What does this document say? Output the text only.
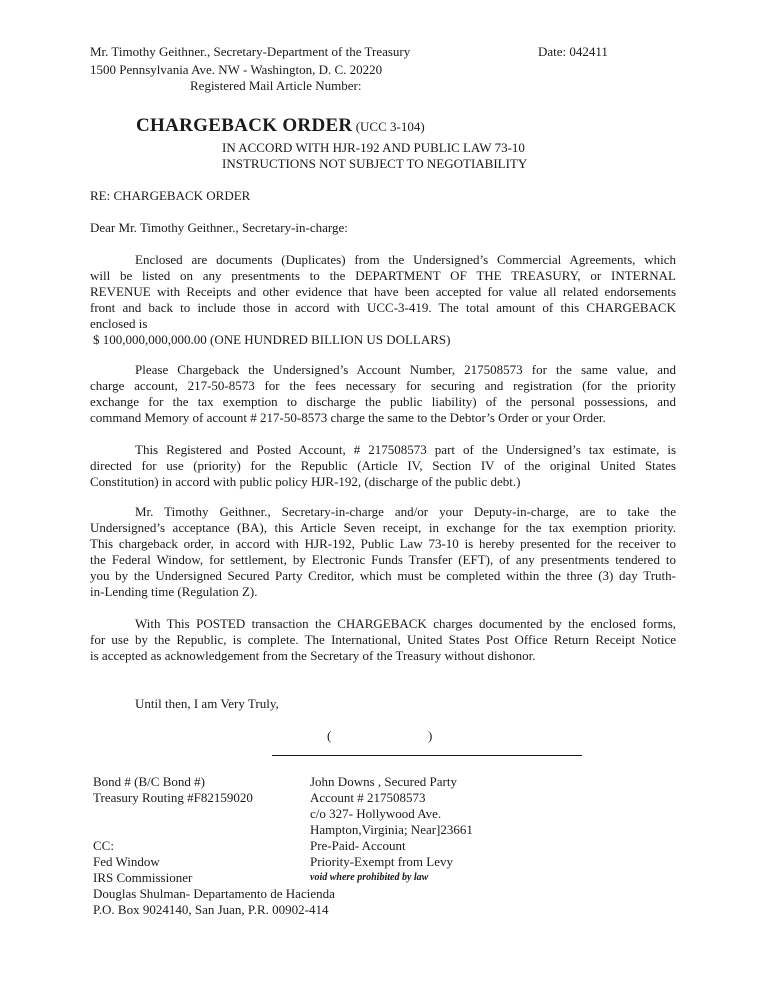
Mr. Timothy Geithner., Secretary-Department of the Treasury	Date: 042411
1500 Pennsylvania Ave. NW - Washington, D. C. 20220
Registered Mail Article Number:
CHARGEBACK ORDER (UCC 3-104)
IN ACCORD WITH HJR-192 AND PUBLIC LAW 73-10
INSTRUCTIONS NOT SUBJECT TO NEGOTIABILITY
RE: CHARGEBACK ORDER
Dear Mr. Timothy Geithner., Secretary-in-charge:
Enclosed are documents (Duplicates) from the Undersigned’s Commercial Agreements, which
will be listed on any presentments to the DEPARTMENT OF THE TREASURY, or INTERNAL
REVENUE with Receipts and other evidence that have been accepted for value all related endorsements
front and back to include those in accord with UCC-3-419. The total amount of this CHARGEBACK
enclosed is
$ 100,000,000,000.00 (ONE HUNDRED BILLION US DOLLARS)
Please Chargeback the Undersigned’s Account Number, 217508573 for the same value, and
charge account, 217-50-8573 for the fees necessary for securing and registration (for the priority
exchange for the tax exemption to discharge the public liability) of the personal possessions, and
command Memory of account # 217-50-8573 charge the same to the Debtor’s Order or your Order.
This Registered and Posted Account, # 217508573 part of the Undersigned’s tax estimate, is
directed for use (priority) for the Republic (Article IV, Section IV of the original United States
Constitution) in accord with public policy HJR-192, (discharge of the public debt.)
Mr. Timothy Geithner., Secretary-in-charge and/or your Deputy-in-charge, are to take the
Undersigned’s acceptance (BA), this Article Seven receipt, in exchange for the tax exemption priority.
This chargeback order, in accord with HJR-192, Public Law 73-10 is hereby presented for the receiver to
the Federal Window, for settlement, by Electronic Funds Transfer (EFT), of any presentments tendered to
you by the Undersigned Secured Party Creditor, which must be completed within the three (3) day Truth-
in-Lending time (Regulation Z).
With This POSTED transaction the CHARGEBACK charges documented by the enclosed forms,
for use by the Republic, is complete. The International, United States Post Office Return Receipt Notice
is accepted as acknowledgement from the Secretary of the Treasury without dishonor.
Until then, I am Very Truly,
(	)
Bond # (B/C Bond #)
Treasury Routing #F82159020
CC:
Fed Window
IRS Commissioner
Douglas Shulman- Departamento de Hacienda
P.O. Box 9024140, San Juan, P.R. 00902-414
John Downs , Secured Party
Account # 217508573
c/o 327- Hollywood Ave.
Hampton,Virginia; Near]23661
Pre-Paid- Account
Priority-Exempt from Levy
void where prohibited by law
